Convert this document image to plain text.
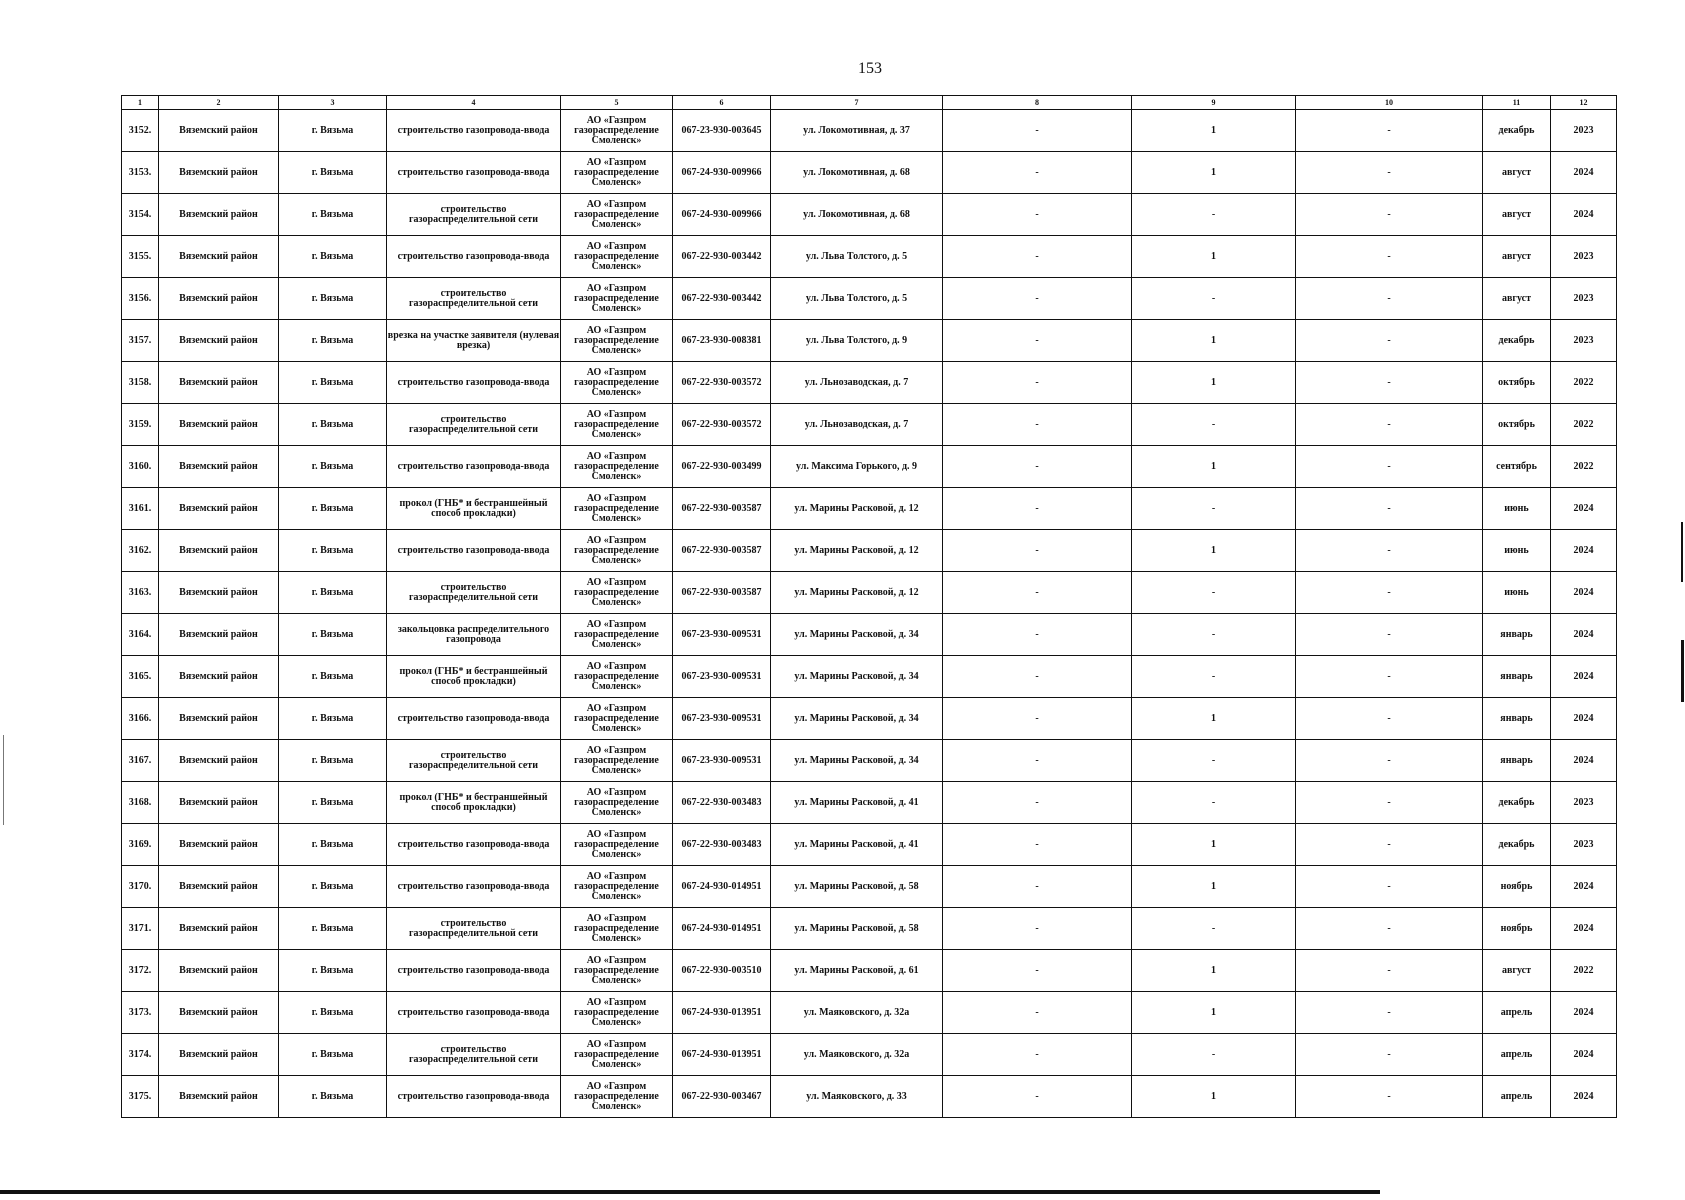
153
1	2	3	4	5	6	7	8	9	10	11	12
3152.	Вяземский район	г. Вязьма	строительство газопровода-ввода	АО «Газпром газораспределение Смоленск»	067-23-930-003645	ул. Локомотивная, д. 37	-	1	-	декабрь	2023
3153.	Вяземский район	г. Вязьма	строительство газопровода-ввода	АО «Газпром газораспределение Смоленск»	067-24-930-009966	ул. Локомотивная, д. 68	-	1	-	август	2024
3154.	Вяземский район	г. Вязьма	строительство газораспределительной сети	АО «Газпром газораспределение Смоленск»	067-24-930-009966	ул. Локомотивная, д. 68	-	-	-	август	2024
3155.	Вяземский район	г. Вязьма	строительство газопровода-ввода	АО «Газпром газораспределение Смоленск»	067-22-930-003442	ул. Льва Толстого, д. 5	-	1	-	август	2023
3156.	Вяземский район	г. Вязьма	строительство газораспределительной сети	АО «Газпром газораспределение Смоленск»	067-22-930-003442	ул. Льва Толстого, д. 5	-	-	-	август	2023
3157.	Вяземский район	г. Вязьма	врезка на участке заявителя (нулевая врезка)	АО «Газпром газораспределение Смоленск»	067-23-930-008381	ул. Льва Толстого, д. 9	-	1	-	декабрь	2023
3158.	Вяземский район	г. Вязьма	строительство газопровода-ввода	АО «Газпром газораспределение Смоленск»	067-22-930-003572	ул. Льнозаводская, д. 7	-	1	-	октябрь	2022
3159.	Вяземский район	г. Вязьма	строительство газораспределительной сети	АО «Газпром газораспределение Смоленск»	067-22-930-003572	ул. Льнозаводская, д. 7	-	-	-	октябрь	2022
3160.	Вяземский район	г. Вязьма	строительство газопровода-ввода	АО «Газпром газораспределение Смоленск»	067-22-930-003499	ул. Максима Горького, д. 9	-	1	-	сентябрь	2022
3161.	Вяземский район	г. Вязьма	прокол (ГНБ* и бестраншейный способ прокладки)	АО «Газпром газораспределение Смоленск»	067-22-930-003587	ул. Марины Расковой, д. 12	-	-	-	июнь	2024
3162.	Вяземский район	г. Вязьма	строительство газопровода-ввода	АО «Газпром газораспределение Смоленск»	067-22-930-003587	ул. Марины Расковой, д. 12	-	1	-	июнь	2024
3163.	Вяземский район	г. Вязьма	строительство газораспределительной сети	АО «Газпром газораспределение Смоленск»	067-22-930-003587	ул. Марины Расковой, д. 12	-	-	-	июнь	2024
3164.	Вяземский район	г. Вязьма	закольцовка распределительного газопровода	АО «Газпром газораспределение Смоленск»	067-23-930-009531	ул. Марины Расковой, д. 34	-	-	-	январь	2024
3165.	Вяземский район	г. Вязьма	прокол (ГНБ* и бестраншейный способ прокладки)	АО «Газпром газораспределение Смоленск»	067-23-930-009531	ул. Марины Расковой, д. 34	-	-	-	январь	2024
3166.	Вяземский район	г. Вязьма	строительство газопровода-ввода	АО «Газпром газораспределение Смоленск»	067-23-930-009531	ул. Марины Расковой, д. 34	-	1	-	январь	2024
3167.	Вяземский район	г. Вязьма	строительство газораспределительной сети	АО «Газпром газораспределение Смоленск»	067-23-930-009531	ул. Марины Расковой, д. 34	-	-	-	январь	2024
3168.	Вяземский район	г. Вязьма	прокол (ГНБ* и бестраншейный способ прокладки)	АО «Газпром газораспределение Смоленск»	067-22-930-003483	ул. Марины Расковой, д. 41	-	-	-	декабрь	2023
3169.	Вяземский район	г. Вязьма	строительство газопровода-ввода	АО «Газпром газораспределение Смоленск»	067-22-930-003483	ул. Марины Расковой, д. 41	-	1	-	декабрь	2023
3170.	Вяземский район	г. Вязьма	строительство газопровода-ввода	АО «Газпром газораспределение Смоленск»	067-24-930-014951	ул. Марины Расковой, д. 58	-	1	-	ноябрь	2024
3171.	Вяземский район	г. Вязьма	строительство газораспределительной сети	АО «Газпром газораспределение Смоленск»	067-24-930-014951	ул. Марины Расковой, д. 58	-	-	-	ноябрь	2024
3172.	Вяземский район	г. Вязьма	строительство газопровода-ввода	АО «Газпром газораспределение Смоленск»	067-22-930-003510	ул. Марины Расковой, д. 61	-	1	-	август	2022
3173.	Вяземский район	г. Вязьма	строительство газопровода-ввода	АО «Газпром газораспределение Смоленск»	067-24-930-013951	ул. Маяковского, д. 32а	-	1	-	апрель	2024
3174.	Вяземский район	г. Вязьма	строительство газораспределительной сети	АО «Газпром газораспределение Смоленск»	067-24-930-013951	ул. Маяковского, д. 32а	-	-	-	апрель	2024
3175.	Вяземский район	г. Вязьма	строительство газопровода-ввода	АО «Газпром газораспределение Смоленск»	067-22-930-003467	ул. Маяковского, д. 33	-	1	-	апрель	2024
